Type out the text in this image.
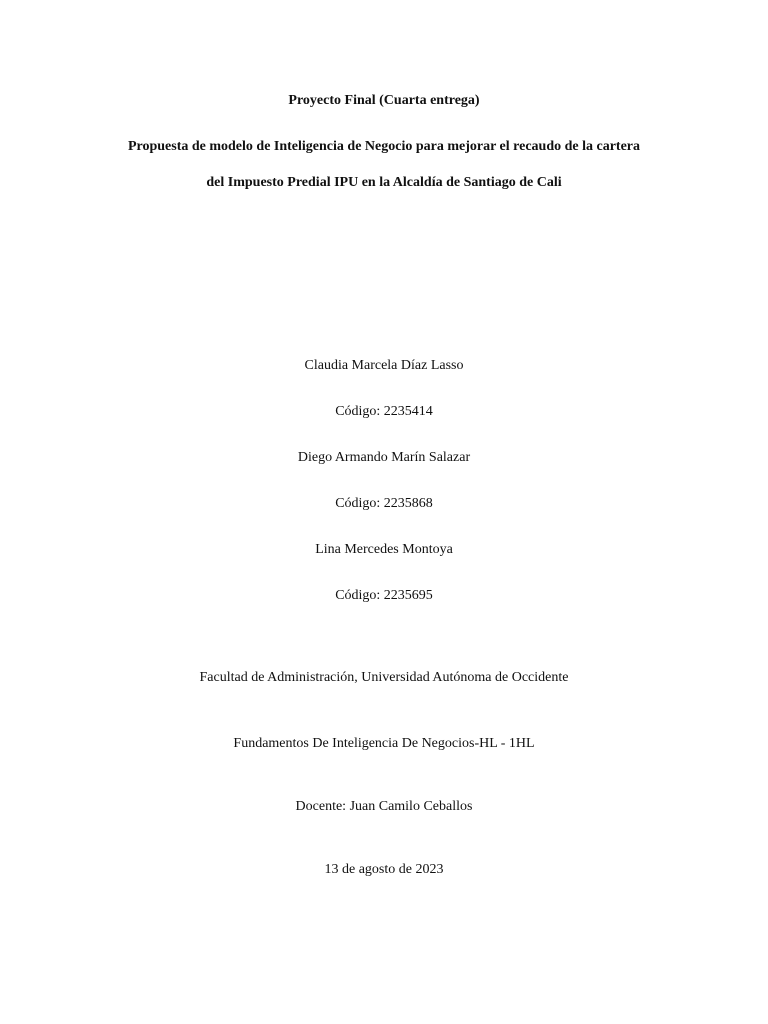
Proyecto Final (Cuarta entrega)
Propuesta de modelo de Inteligencia de Negocio para mejorar el recaudo de la cartera
del Impuesto Predial IPU en la Alcaldía de Santiago de Cali
Claudia Marcela Díaz Lasso
Código: 2235414
Diego Armando Marín Salazar
Código: 2235868
Lina Mercedes Montoya
Código: 2235695
Facultad de Administración, Universidad Autónoma de Occidente
Fundamentos De Inteligencia De Negocios-HL - 1HL
Docente: Juan Camilo Ceballos
13 de agosto de 2023
